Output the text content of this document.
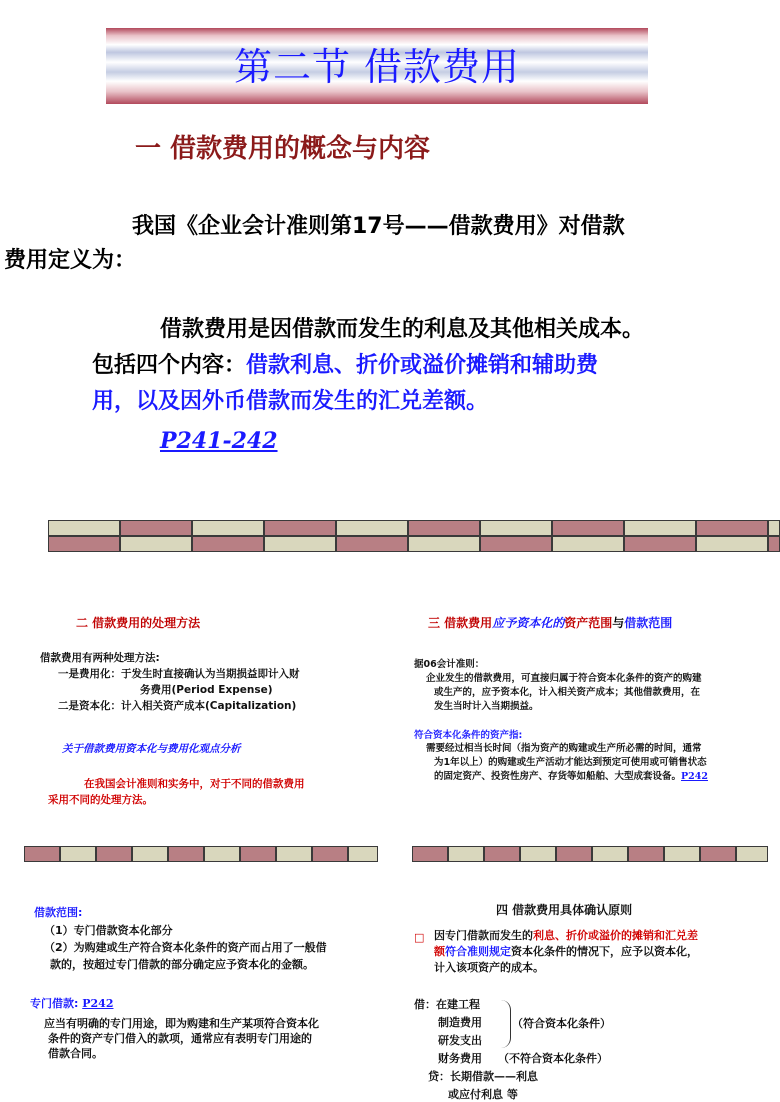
第二节 借款费用
一 借款费用的概念与内容
我国《企业会计准则第17号——借款费用》对借款
费用定义为：
借款费用是因借款而发生的利息及其他相关成本。
包括四个内容：借款利息、折价或溢价摊销和辅助费
用，以及因外币借款而发生的汇兑差额。
P241-242
二 借款费用的处理方法
借款费用有两种处理方法:
一是费用化：于发生时直接确认为当期损益即计入财
务费用(Period Expense)
二是资本化：计入相关资产成本(Capitalization)
关于借款费用资本化与费用化观点分析
在我国会计准则和实务中，对于不同的借款费用
采用不同的处理方法。
三 借款费用应予资本化的资产范围与借款范围
据06会计准则：
企业发生的借款费用，可直接归属于符合资本化条件的资产的购建
或生产的，应予资本化，计入相关资产成本；其他借款费用，在
发生当时计入当期损益。
符合资本化条件的资产指:
需要经过相当长时间（指为资产的购建或生产所必需的时间，通常
为1年以上）的购建或生产活动才能达到预定可使用或可销售状态
的固定资产、投资性房产、存货等如船舶、大型成套设备。P242
借款范围:
（1）专门借款资本化部分
（2）为购建或生产符合资本化条件的资产而占用了一般借
款的，按超过专门借款的部分确定应予资本化的金额。
专门借款: P242
应当有明确的专门用途，即为购建和生产某项符合资本化
条件的资产专门借入的款项，通常应有表明专门用途的
借款合同。
四 借款费用具体确认原则
□ 因专门借款而发生的利息、折价或溢价的摊销和汇兑差
额符合准则规定资本化条件的情况下，应予以资本化，
计入该项资产的成本。
借：在建工程
制造费用
研发支出
财务费用 （不符合资本化条件）
贷：长期借款——利息
或应付利息 等
（符合资本化条件）
